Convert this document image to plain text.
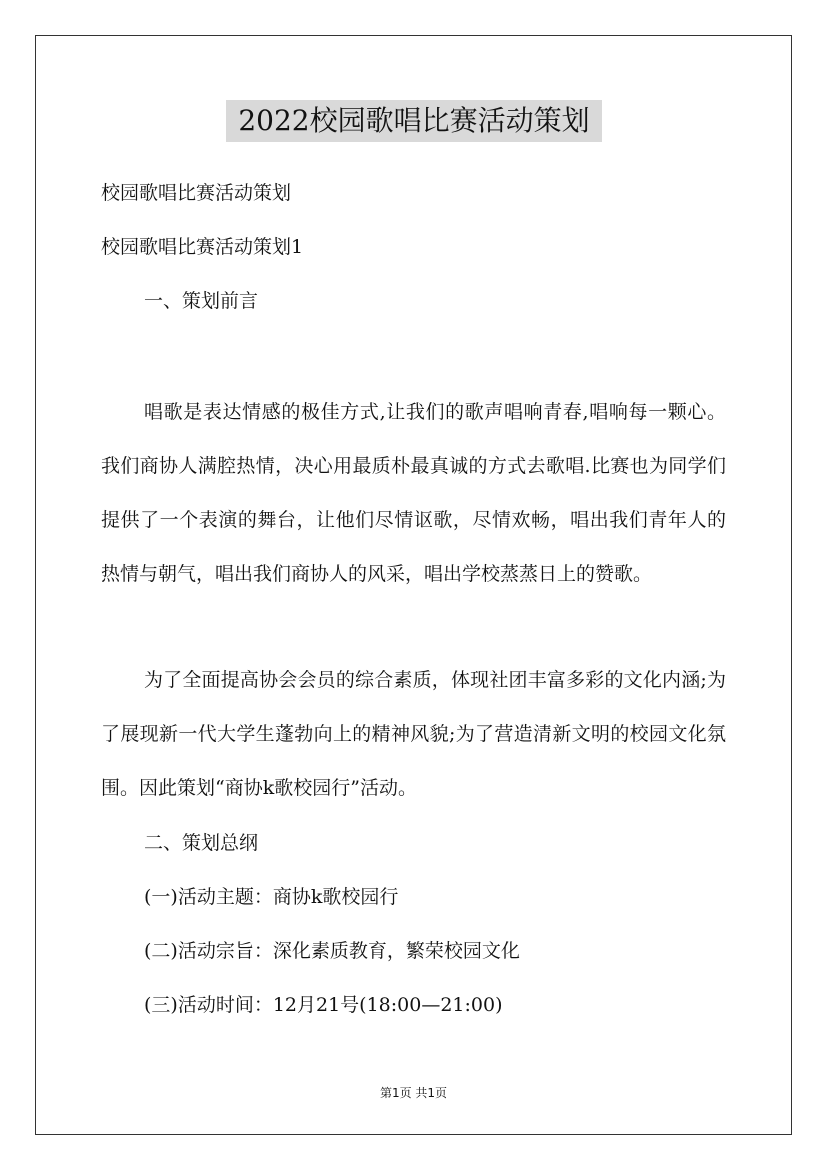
2022校园歌唱比赛活动策划
校园歌唱比赛活动策划
校园歌唱比赛活动策划1
一、策划前言
唱歌是表达情感的极佳方式,让我们的歌声唱响青春,唱响每一颗心。我们商协人满腔热情，决心用最质朴最真诚的方式去歌唱.比赛也为同学们提供了一个表演的舞台，让他们尽情讴歌，尽情欢畅，唱出我们青年人的热情与朝气，唱出我们商协人的风采，唱出学校蒸蒸日上的赞歌。
为了全面提高协会会员的综合素质，体现社团丰富多彩的文化内涵;为了展现新一代大学生蓬勃向上的精神风貌;为了营造清新文明的校园文化氛围。因此策划“商协k歌校园行”活动。
二、策划总纲
(一)活动主题：商协k歌校园行
(二)活动宗旨：深化素质教育，繁荣校园文化
(三)活动时间：12月21号(18:00—21:00)
第1页 共1页
